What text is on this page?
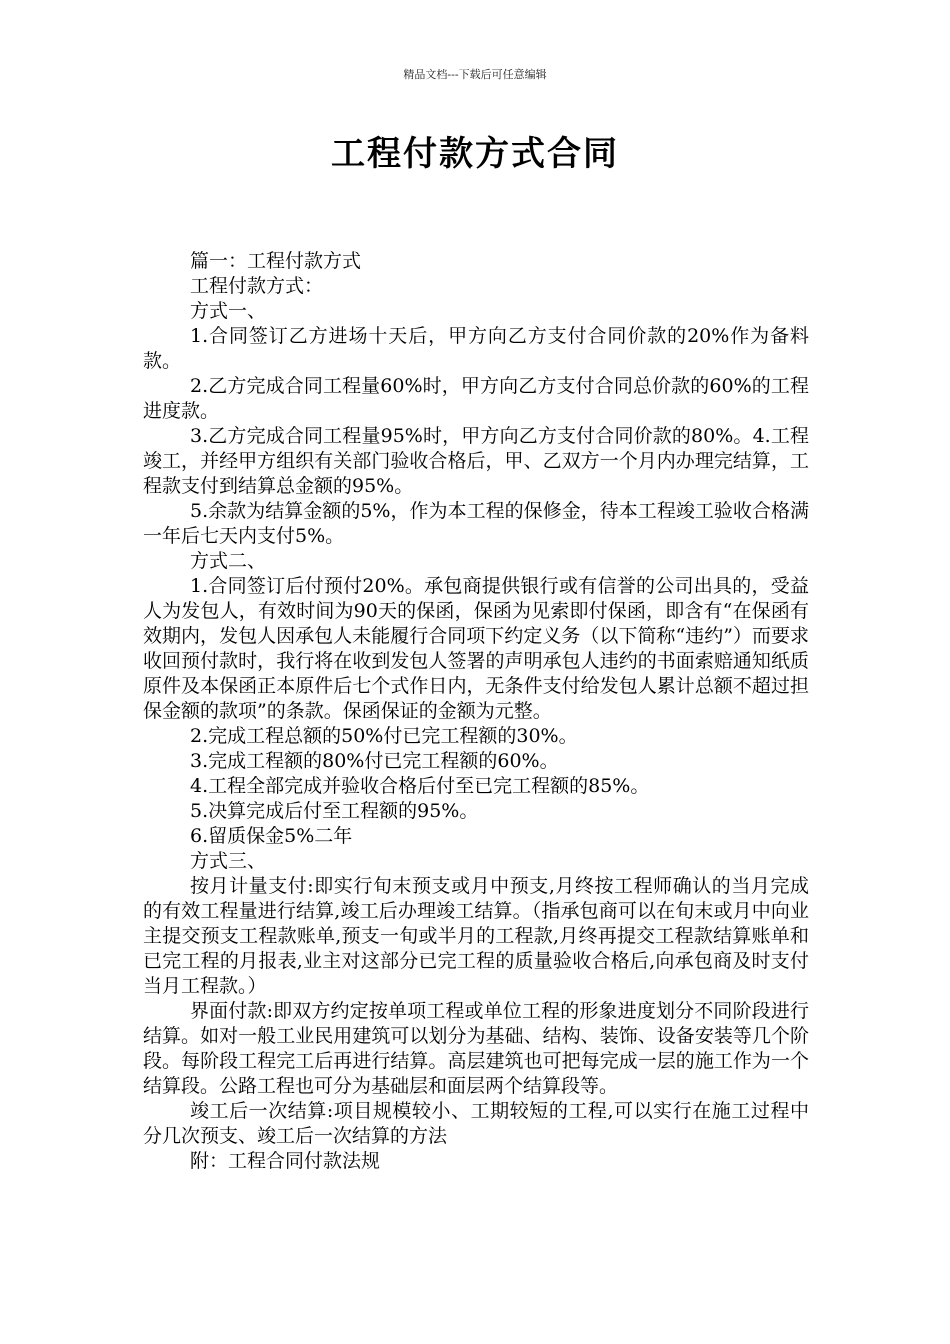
精品文档---下载后可任意编辑
工程付款方式合同

篇一：工程付款方式

工程付款方式：

方式一、

1.合同签订乙方进场十天后，甲方向乙方支付合同价款的20%作为备料款。

2.乙方完成合同工程量60%时，甲方向乙方支付合同总价款的60%的工程进度款。

3.乙方完成合同工程量95%时，甲方向乙方支付合同价款的80%。4.工程竣工，并经甲方组织有关部门验收合格后，甲、乙双方一个月内办理完结算，工程款支付到结算总金额的95%。

5.余款为结算金额的5%，作为本工程的保修金，待本工程竣工验收合格满一年后七天内支付5%。

方式二、

1.合同签订后付预付20%。承包商提供银行或有信誉的公司出具的，受益人为发包人，有效时间为90天的保函，保函为见索即付保函，即含有“在保函有效期内，发包人因承包人未能履行合同项下约定义务（以下简称“违约”）而要求收回预付款时，我行将在收到发包人签署的声明承包人违约的书面索赔通知纸质原件及本保函正本原件后七个式作日内，无条件支付给发包人累计总额不超过担保金额的款项”的条款。保函保证的金额为元整。

2.完成工程总额的50%付已完工程额的30%。

3.完成工程额的80%付已完工程额的60%。

4.工程全部完成并验收合格后付至已完工程额的85%。

5.决算完成后付至工程额的95%。

6.留质保金5%二年

方式三、

按月计量支付:即实行旬末预支或月中预支,月终按工程师确认的当月完成的有效工程量进行结算,竣工后办理竣工结算。（指承包商可以在旬末或月中向业主提交预支工程款账单,预支一旬或半月的工程款,月终再提交工程款结算账单和已完工程的月报表,业主对这部分已完工程的质量验收合格后,向承包商及时支付当月工程款。）

界面付款:即双方约定按单项工程或单位工程的形象进度划分不同阶段进行结算。如对一般工业民用建筑可以划分为基础、结构、装饰、设备安装等几个阶段。每阶段工程完工后再进行结算。高层建筑也可把每完成一层的施工作为一个结算段。公路工程也可分为基础层和面层两个结算段等。

竣工后一次结算:项目规模较小、工期较短的工程,可以实行在施工过程中分几次预支、竣工后一次结算的方法

附：工程合同付款法规
